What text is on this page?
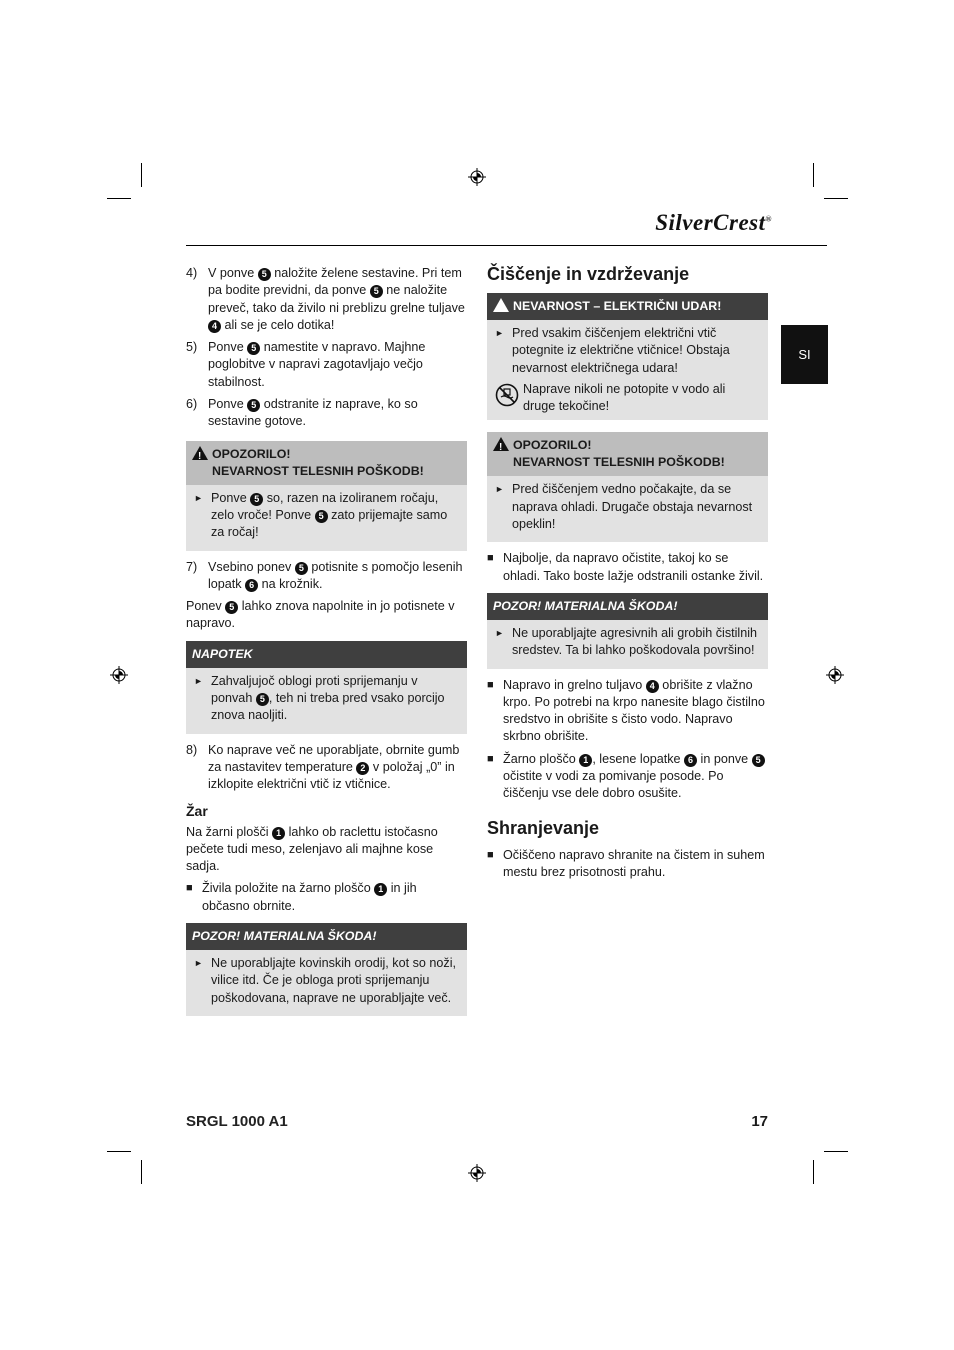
SilverCrest®
SI
4) V ponve 5 naložite želene sestavine. Pri tem pa bodite previdni, da ponve 5 ne naložite preveč, tako da živilo ni preblizu grelne tuljave 4 ali se je celo dotika!
5) Ponve 5 namestite v napravo. Majhne poglobitve v napravi zagotavljajo večjo stabilnost.
6) Ponve 5 odstranite iz naprave, ko so sestavine gotove.
!OPOZORILO!
NEVARNOST TELESNIH POŠKODB!
► Ponve 5 so, razen na izoliranem ročaju, zelo vroče! Ponve 5 zato prijemajte samo za ročaj!
7) Vsebino ponev 5 potisnite s pomočjo lesenih lopatk 6 na krožnik.

Ponev 5 lahko znova napolnite in jo potisnete v napravo.

NAPOTEK
► Zahvaljujoč oblogi proti sprijemanju v ponvah 5 , teh ni treba pred vsako porcijo znova naoljiti.
8) Ko naprave več ne uporabljate, obrnite gumb za nastavitev temperature 2 v položaj „0” in izklopite električni vtič iz vtičnice.
Žar

Na žarni plošči 1 lahko ob raclettu istočasno pečete tudi meso, zelenjavo ali majhne kose sadja.

■ Živila položite na žarno ploščo 1 in jih občasno obrnite.
POZOR! MATERIALNA ŠKODA!
► Ne uporabljajte kovinskih orodij, kot so noži, vilice itd. Če je obloga proti sprijemanju poškodovana, naprave ne uporabljajte več.
Čiščenje in vzdrževanje
!NEVARNOST – ELEKTRIČNI UDAR!
► Pred vsakim čiščenjem električni vtič potegnite iz električne vtičnice! Obstaja nevarnost električnega udara!
Naprave nikoli ne potopite v vodo ali druge tekočine!
!OPOZORILO!
NEVARNOST TELESNIH POŠKODB!
► Pred čiščenjem vedno počakajte, da se naprava ohladi. Drugače obstaja nevarnost opeklin!
■ Najbolje, da napravo očistite, takoj ko se ohladi. Tako boste lažje odstranili ostanke živil.
POZOR! MATERIALNA ŠKODA!
► Ne uporabljajte agresivnih ali grobih čistilnih sredstev. Ta bi lahko poškodovala površino!
■ Napravo in grelno tuljavo 4 obrišite z vlažno krpo. Po potrebi na krpo nanesite blago čistilno sredstvo in obrišite s čisto vodo. Napravo skrbno obrišite.
■ Žarno ploščo 1 , lesene lopatke 6 in ponve 5 očistite v vodi za pomivanje posode. Po čiščenju vse dele dobro osušite.
Shranjevanje
■ Očiščeno napravo shranite na čistem in suhem mestu brez prisotnosti prahu.
SRGL 1000 A1	17
